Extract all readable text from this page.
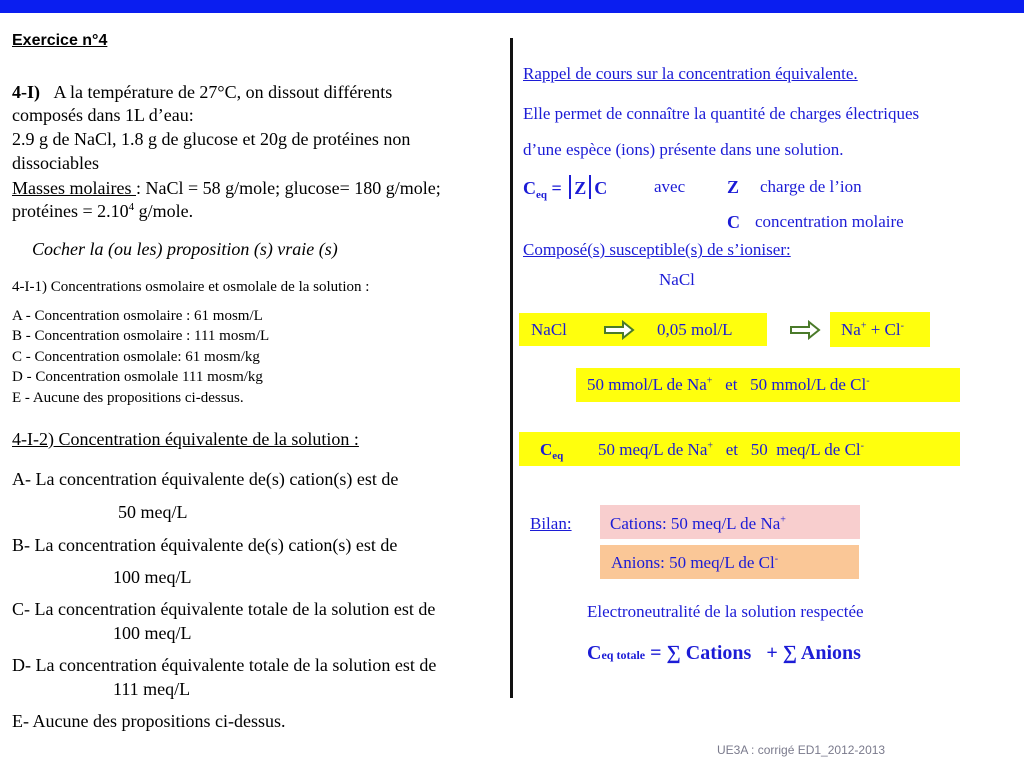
Exercice n°4
4-I) A la température de 27°C, on dissout différents
composés dans 1L d’eau:
2.9 g de NaCl, 1.8 g de glucose et 20g de protéines non
dissociables
Masses molaires : NaCl = 58 g/mole; glucose= 180 g/mole;
protéines = $2.10^4$ g/mole.
Cocher la (ou les) proposition (s) vraie (s)
4-I-1) Concentrations osmolaire et osmolale de la solution :
A - Concentration osmolaire : 61 mosm/L
B - Concentration osmolaire : 111 mosm/L
C - Concentration osmolale: 61 mosm/kg
D - Concentration osmolale 111 mosm/kg
E - Aucune des propositions ci-dessus.
4-I-2) Concentration équivalente de la solution :
A- La concentration équivalente de(s) cation(s) est de
50 meq/L
B- La concentration équivalente de(s) cation(s) est de
100 meq/L
C- La concentration équivalente totale de la solution est de
100 meq/L
D- La concentration équivalente totale de la solution est de
111 meq/L
E- Aucune des propositions ci-dessus.
Rappel de cours sur la concentration équivalente.
Elle permet de connaître la quantité de charges électriques
d’une espèce (ions) présente dans une solution.
$C_{eq} = Z$ C	avec Z charge de l’ion
C concentration molaire
Composé(s) susceptible(s) de s’ioniser:
NaCl
NaCl	0,05 mol/L	Na+ + Cl-
50 mmol/L de Na+   et   50 mmol/L de Cl-
$C_{eq}$ 50 meq/L de Na+   et   50  meq/L de Cl-
Bilan: Cations: 50 meq/L de Na+
Anions: 50 meq/L de Cl-
Electroneutralité de la solution respectée
Ceq totale = ∑ Cations   + ∑ Anions
UE3A : corrigé ED1_2012-2013
